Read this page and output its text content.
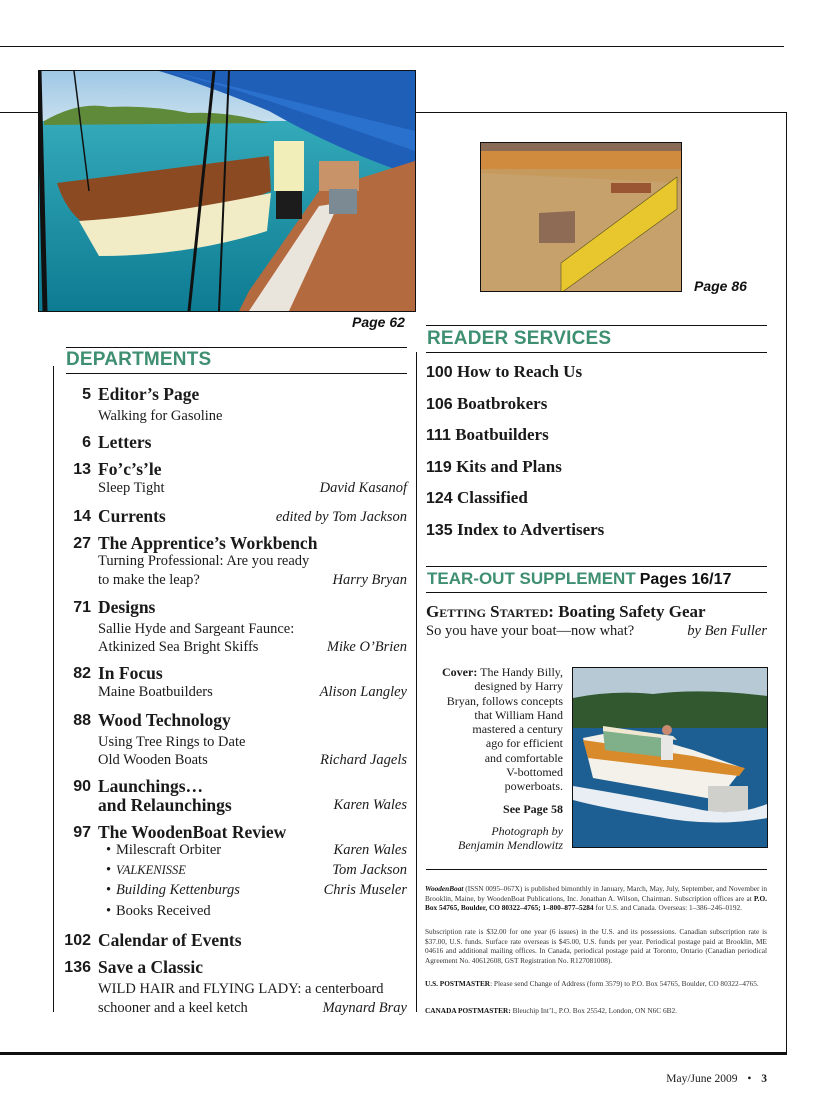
Page 62
Page 86
DEPARTMENTS
5 Editor’s Page
Walking for Gasoline
6 Letters
13 Fo’c’s’le
Sleep Tight	David Kasanof
14 Currents	edited by Tom Jackson
27 The Apprentice’s Workbench
Turning Professional: Are you ready
to make the leap?	Harry Bryan
71 Designs
Sallie Hyde and Sargeant Faunce:
Atkinized Sea Bright Skiffs	Mike O’Brien
82 In Focus
Maine Boatbuilders	Alison Langley
88 Wood Technology
Using Tree Rings to Date
Old Wooden Boats	Richard Jagels
90 Launchings…
and Relaunchings	Karen Wales
97 The WoodenBoat Review
• Milescraft Orbiter	Karen Wales
• VALKENISSE	Tom Jackson
• Building Kettenburgs	Chris Museler
• Books Received
102 Calendar of Events
136 Save a Classic
WILD HAIR and FLYING LADY: a centerboard
schooner and a keel ketch	Maynard Bray
READER SERVICES
100 How to Reach Us
106 Boatbrokers
111 Boatbuilders
119 Kits and Plans
124 Classified
135 Index to Advertisers
TEAR-OUT SUPPLEMENT Pages 16/17
Getting Started: Boating Safety Gear
So you have your boat—now what?	by Ben Fuller
Cover: The Handy Billy,
designed by Harry
Bryan, follows concepts
that William Hand
mastered a century
ago for efficient
and comfortable
V-bottomed
powerboats.
See Page 58
Photograph by
Benjamin Mendlowitz
WoodenBoat (ISSN 0095–067X) is published bimonthly in January, March, May, July, September, and November in Brooklin, Maine, by WoodenBoat Publications, Inc. Jonathan A. Wilson, Chairman. Subscription offices are at P.O. Box 54765, Boulder, CO 80322–4765; 1–800–877–5284 for U.S. and Canada. Overseas: 1–386–246–0192.
Subscription rate is $32.00 for one year (6 issues) in the U.S. and its possessions. Canadian subscription rate is $37.00, U.S. funds. Surface rate overseas is $45.00, U.S. funds per year. Periodical postage paid at Brooklin, ME 04616 and additional mailing offices. In Canada, periodical postage paid at Toronto, Ontario (Canadian periodical Agreement No. 40612608, GST Registration No. R127081008).
U.S. POSTMASTER: Please send Change of Address (form 3579) to P.O. Box 54765, Boulder, CO 80322–4765.
CANADA POSTMASTER: Bleuchip Int’l., P.O. Box 25542, London, ON N6C 6B2.
May/June 2009 • 3
